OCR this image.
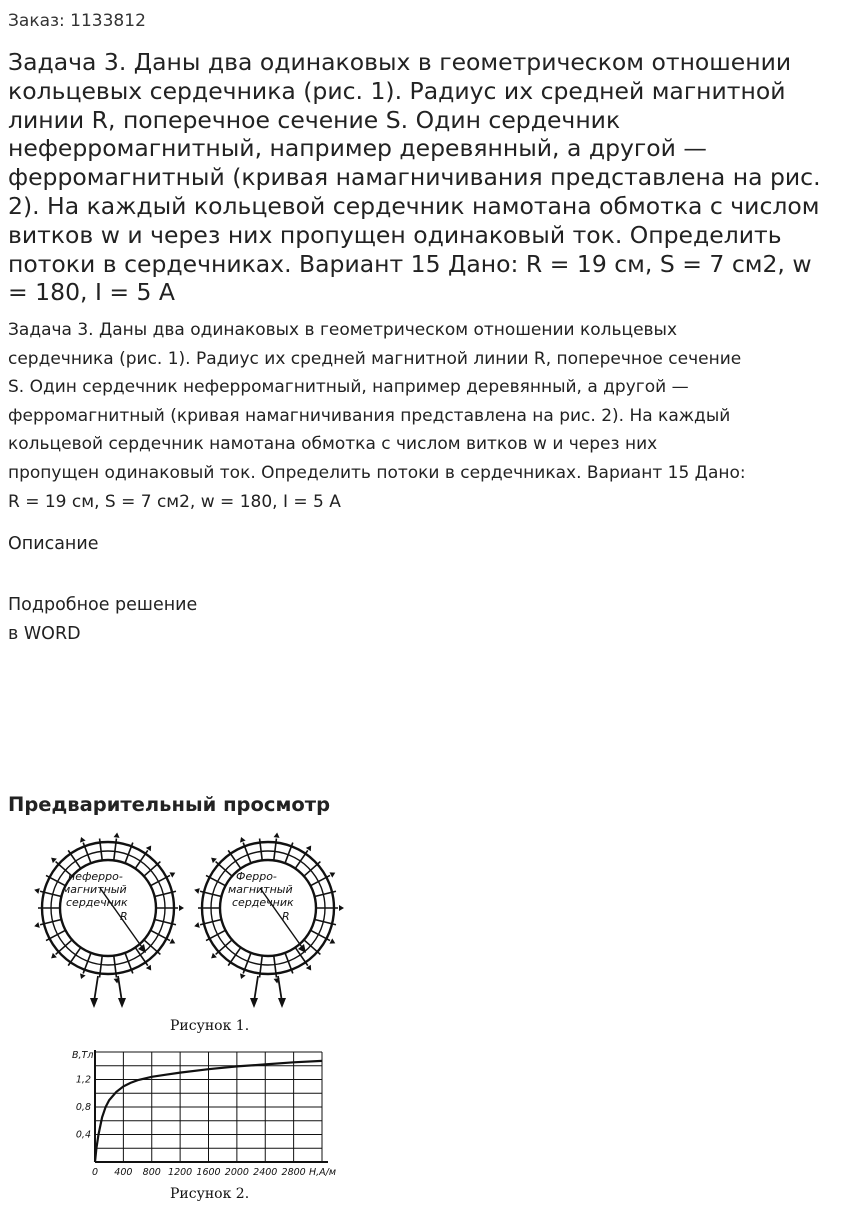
Заказ: 1133812
Задача 3. Даны два одинаковых в геометрическом отношении
кольцевых сердечника (рис. 1). Радиус их средней магнитной
линии R, поперечное сечение S. Один сердечник
неферромагнитный, например деревянный, а другой —
ферромагнитный (кривая намагничивания представлена на рис.
2). На каждый кольцевой сердечник намотана обмотка с числом
витков w и через них пропущен одинаковый ток. Определить
потоки в сердечниках. Вариант 15 Дано: R = 19 см, S = 7 см2, w
= 180, I = 5 А
Задача 3. Даны два одинаковых в геометрическом отношении кольцевых
сердечника (рис. 1). Радиус их средней магнитной линии R, поперечное сечение
S. Один сердечник неферромагнитный, например деревянный, а другой —
ферромагнитный (кривая намагничивания представлена на рис. 2). На каждый
кольцевой сердечник намотана обмотка с числом витков w и через них
пропущен одинаковый ток. Определить потоки в сердечниках. Вариант 15 Дано:
R = 19 см, S = 7 см2, w = 180, I = 5 А
Описание
Подробное решение
в WORD
Предварительный просмотр
неферро-
магнитный
сердечник
R
Ферро-
магнитный
сердечник
R
Рисунок 1.
0 400 800 1200 1600 2000 2400 2800
0,4
0,8
1,2
B,Тл
H,A/м
Рисунок 2.
